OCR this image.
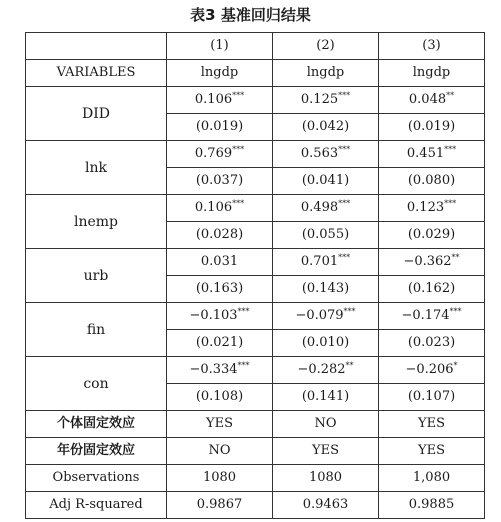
表3 基准回归结果
	(1)	(2)	(3)
VARIABLES	lngdp	lngdp	lngdp
DID	0.106***	0.125***	0.048**
	(0.019)	(0.042)	(0.019)
lnk	0.769***	0.563***	0.451***
	(0.037)	(0.041)	(0.080)
lnemp	0.106***	0.498***	0.123***
	(0.028)	(0.055)	(0.029)
urb	0.031	0.701***	−0.362**
	(0.163)	(0.143)	(0.162)
fin	−0.103***	−0.079***	−0.174***
	(0.021)	(0.010)	(0.023)
con	−0.334***	−0.282**	−0.206*
	(0.108)	(0.141)	(0.107)
个体固定效应	YES	NO	YES
年份固定效应	NO	YES	YES
Observations	1080	1080	1,080
Adj R-squared	0.9867	0.9463	0.9885
